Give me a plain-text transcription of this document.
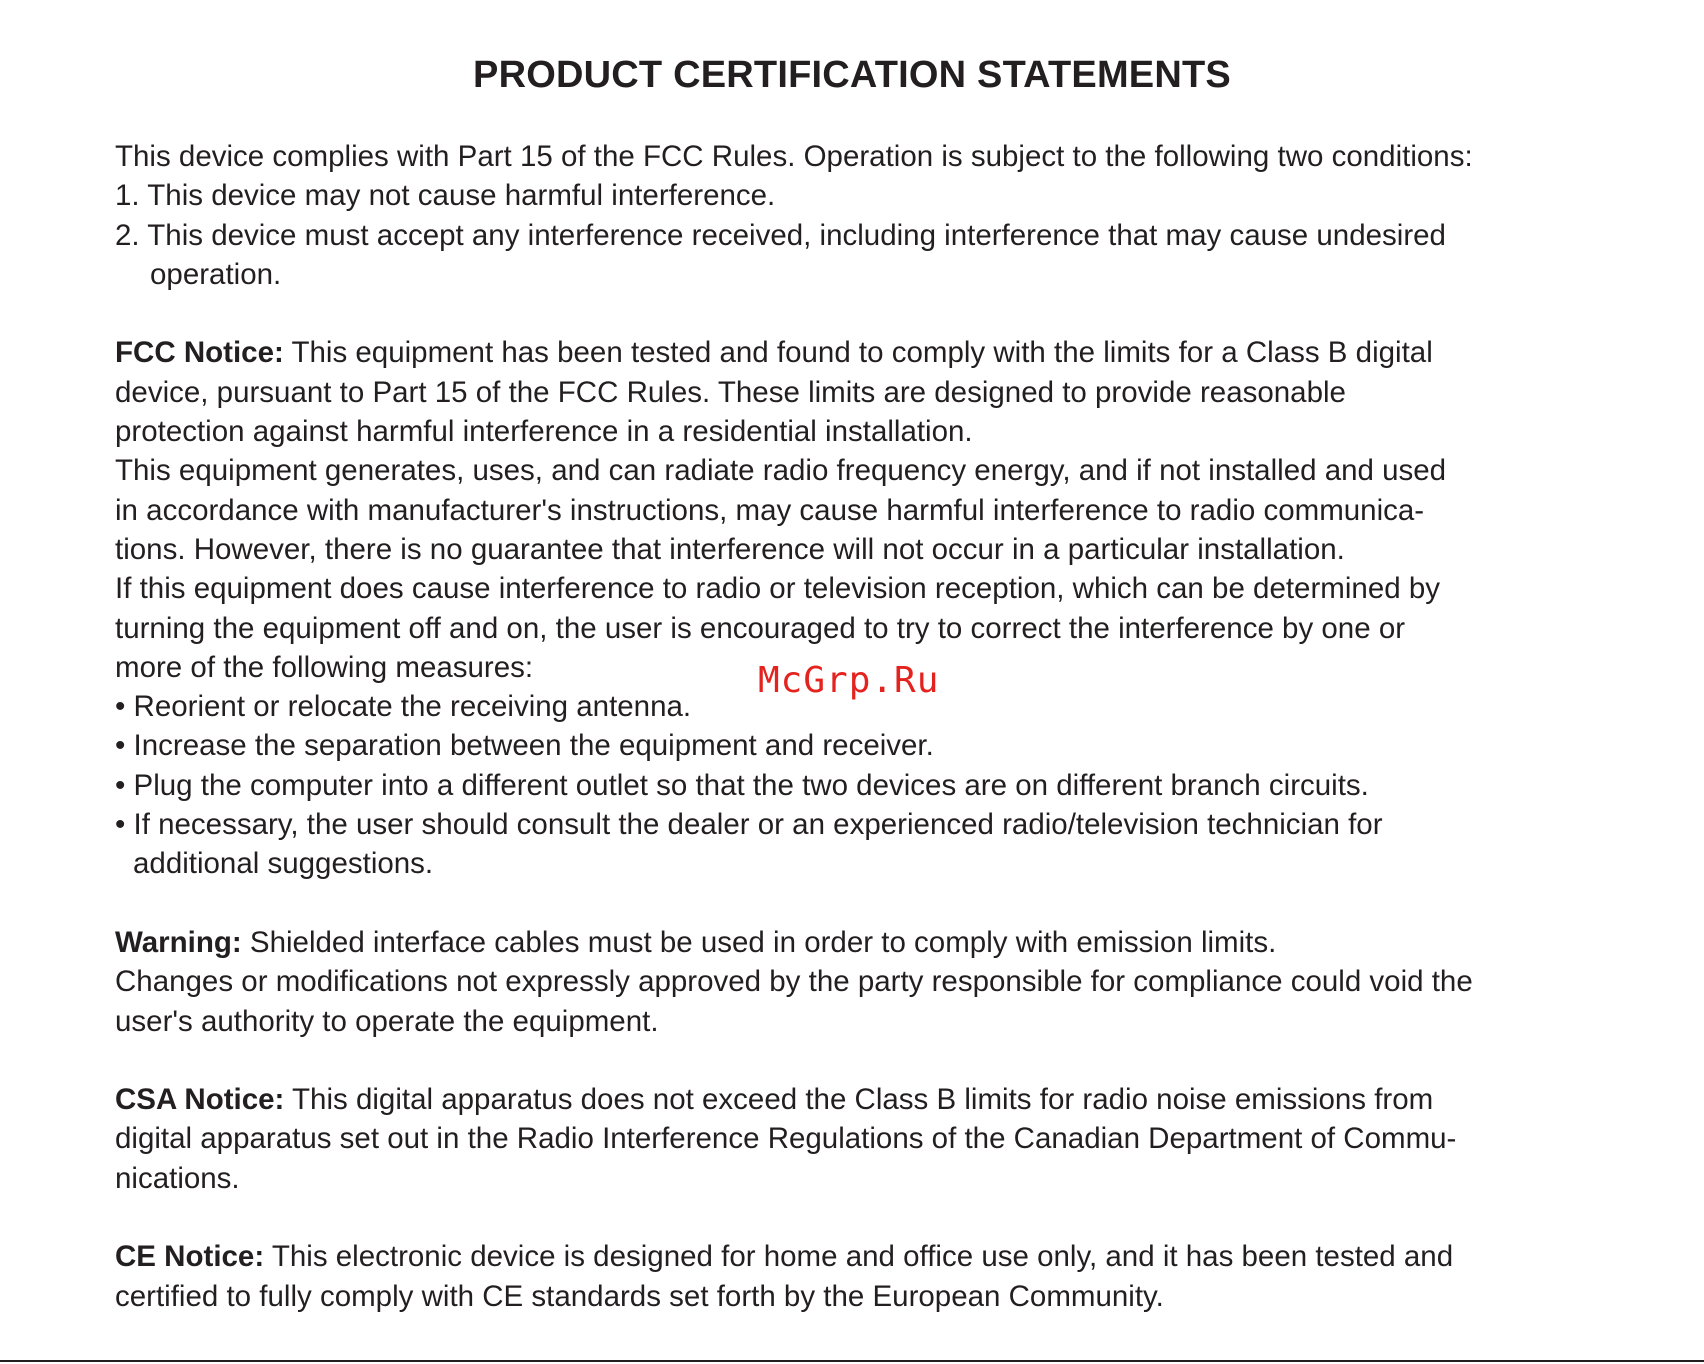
PRODUCT CERTIFICATION STATEMENTS
This device complies with Part 15 of the FCC Rules. Operation is subject to the following two conditions:
1. This device may not cause harmful interference.
2. This device must accept any interference received, including interference that may cause undesired
operation.
FCC Notice: This equipment has been tested and found to comply with the limits for a Class B digital
device, pursuant to Part 15 of the FCC Rules. These limits are designed to provide reasonable
protection against harmful interference in a residential installation.
This equipment generates, uses, and can radiate radio frequency energy, and if not installed and used
in accordance with manufacturer's instructions, may cause harmful interference to radio communica-
tions. However, there is no guarantee that interference will not occur in a particular installation.
If this equipment does cause interference to radio or television reception, which can be determined by
turning the equipment off and on, the user is encouraged to try to correct the interference by one or
more of the following measures:
• Reorient or relocate the receiving antenna.
• Increase the separation between the equipment and receiver.
• Plug the computer into a different outlet so that the two devices are on different branch circuits.
• If necessary, the user should consult the dealer or an experienced radio/television technician for
additional suggestions.
Warning: Shielded interface cables must be used in order to comply with emission limits.
Changes or modifications not expressly approved by the party responsible for compliance could void the
user's authority to operate the equipment.
CSA Notice: This digital apparatus does not exceed the Class B limits for radio noise emissions from
digital apparatus set out in the Radio Interference Regulations of the Canadian Department of Commu-
nications.
CE Notice: This electronic device is designed for home and office use only, and it has been tested and
certified to fully comply with CE standards set forth by the European Community.
McGrp.Ru
